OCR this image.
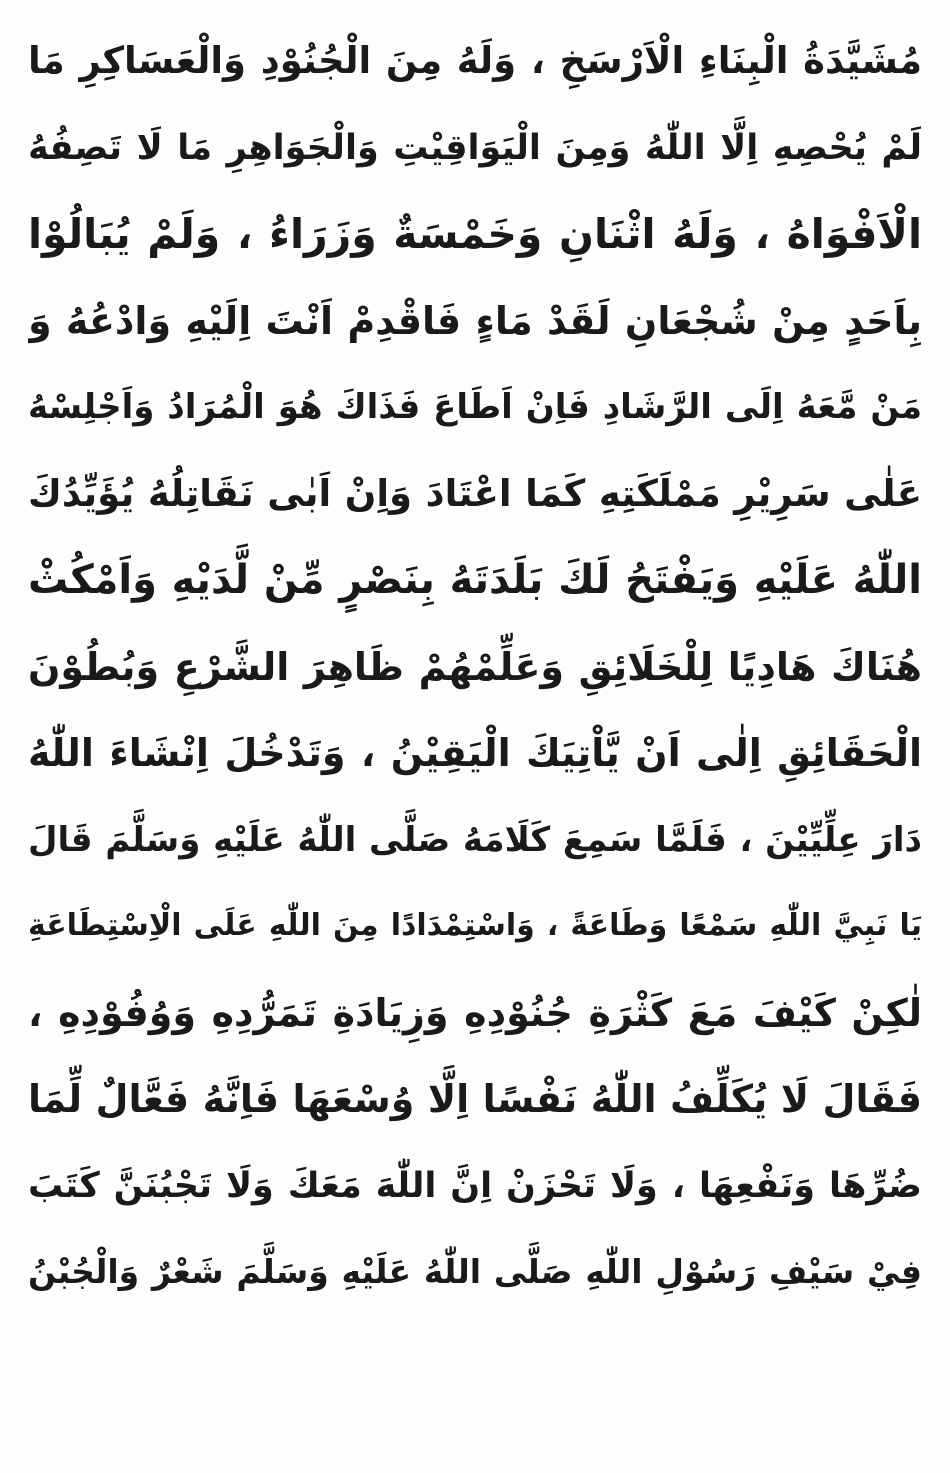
مُشَيَّدَةُ الْبِنَاءِ الْاَرْسَخِ ، وَلَهُ مِنَ الْجُنُوْدِ وَالْعَسَاكِرِ مَا
لَمْ يُحْصِهِ اِلَّا اللّٰهُ وَمِنَ الْيَوَاقِيْتِ وَالْجَوَاهِرِ مَا لَا تَصِفُهُ
الْاَفْوَاهُ ، وَلَهُ اثْنَانِ وَخَمْسَةٌ وَزَرَاءُ ، وَلَمْ يُبَالُوْا
بِاَحَدٍ مِنْ شُجْعَانِ لَقَدْ مَاءٍ فَاقْدِمْ اَنْتَ اِلَيْهِ وَادْعُهُ وَ
مَنْ مَّعَهُ اِلَى الرَّشَادِ فَاِنْ اَطَاعَ فَذَاكَ هُوَ الْمُرَادُ وَاَجْلِسْهُ
عَلٰى سَرِيْرِ مَمْلَكَتِهِ كَمَا اعْتَادَ وَاِنْ اَبٰى نَقَاتِلُهُ يُؤَيِّدُكَ
اللّٰهُ عَلَيْهِ وَيَفْتَحُ لَكَ بَلَدَتَهُ بِنَصْرٍ مِّنْ لَّدَيْهِ وَاَمْكُثْ
هُنَاكَ هَادِيًا لِلْخَلَائِقِ وَعَلِّمْهُمْ ظَاهِرَ الشَّرْعِ وَبُطُوْنَ
الْحَقَائِقِ اِلٰى اَنْ يَّاْتِيَكَ الْيَقِيْنُ ، وَتَدْخُلَ اِنْشَاءَ اللّٰهُ
دَارَ عِلِّيِّيْنَ ، فَلَمَّا سَمِعَ كَلَامَهُ صَلَّى اللّٰهُ عَلَيْهِ وَسَلَّمَ قَالَ
يَا نَبِيَّ اللّٰهِ سَمْعًا وَطَاعَةً ، وَاسْتِمْدَادًا مِنَ اللّٰهِ عَلَى الْاِسْتِطَاعَةِ
لٰكِنْ كَيْفَ مَعَ كَثْرَةِ جُنُوْدِهِ وَزِيَادَةِ تَمَرُّدِهِ وَوُفُوْدِهِ ،
فَقَالَ لَا يُكَلِّفُ اللّٰهُ نَفْسًا اِلَّا وُسْعَهَا فَاِنَّهُ فَعَّالٌ لِّمَا
ضُرِّهَا وَنَفْعِهَا ، وَلَا تَحْزَنْ اِنَّ اللّٰهَ مَعَكَ وَلَا تَجْبُنَنَّ كَتَبَ
فِيْ سَيْفِ رَسُوْلِ اللّٰهِ صَلَّى اللّٰهُ عَلَيْهِ وَسَلَّمَ شَعْرٌ وَالْجُبْنُ
